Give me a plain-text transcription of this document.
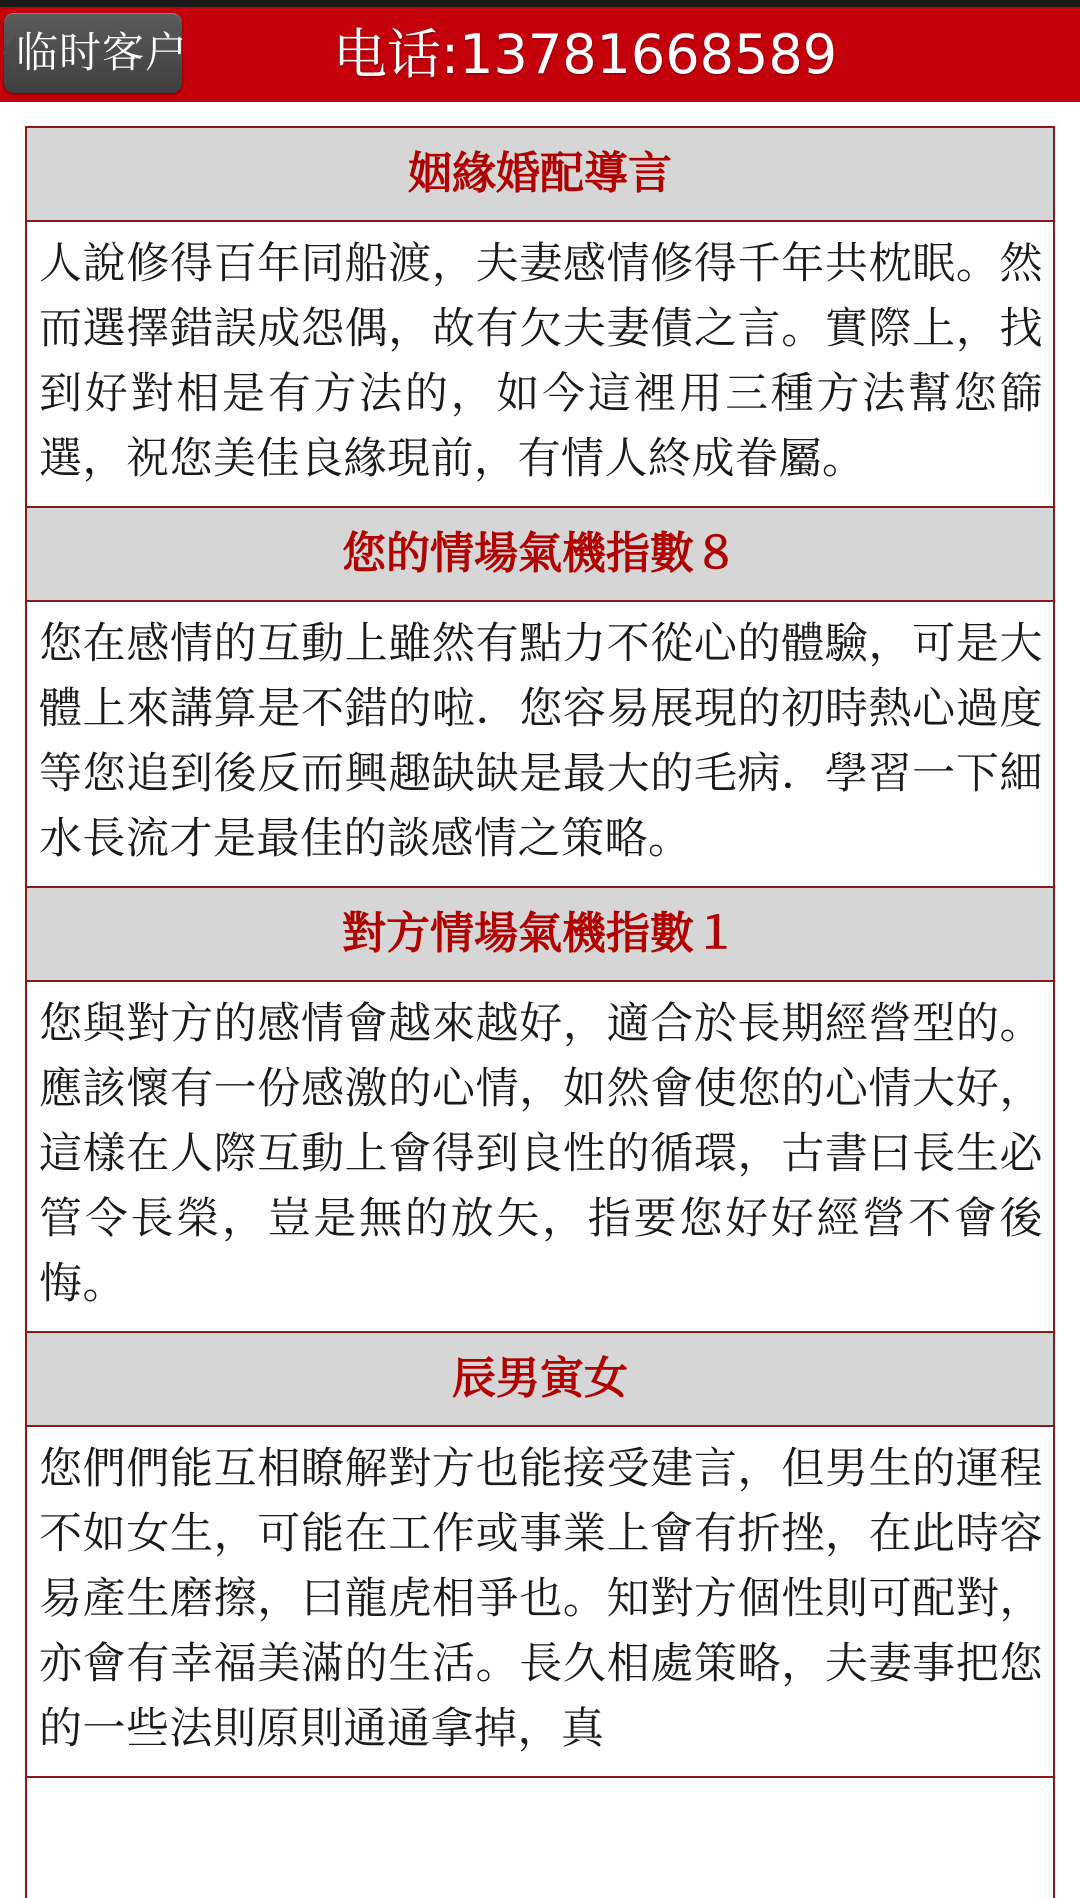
临时客户	电话:13781668589
姻緣婚配導言
人說修得百年同船渡，夫妻感情修得千年共枕眠。然而選擇錯誤成怨偶，故有欠夫妻債之言。實際上，找到好對相是有方法的，如今這裡用三種方法幫您篩選，祝您美佳良緣現前，有情人終成眷屬。
您的情場氣機指數８
您在感情的互動上雖然有點力不從心的體驗，可是大體上來講算是不錯的啦．您容易展現的初時熱心過度等您追到後反而興趣缺缺是最大的毛病．學習一下細水長流才是最佳的談感情之策略。
對方情場氣機指數１
您與對方的感情會越來越好，適合於長期經營型的。應該懷有一份感激的心情，如然會使您的心情大好，這樣在人際互動上會得到良性的循環，古書曰長生必管令長榮，豈是無的放矢，指要您好好經營不會後悔。
辰男寅女
您們們能互相瞭解對方也能接受建言，但男生的運程不如女生，可能在工作或事業上會有折挫，在此時容易產生磨擦，曰龍虎相爭也。知對方個性則可配對，亦會有幸福美滿的生活。長久相處策略，夫妻事把您的一些法則原則通通拿掉，真
